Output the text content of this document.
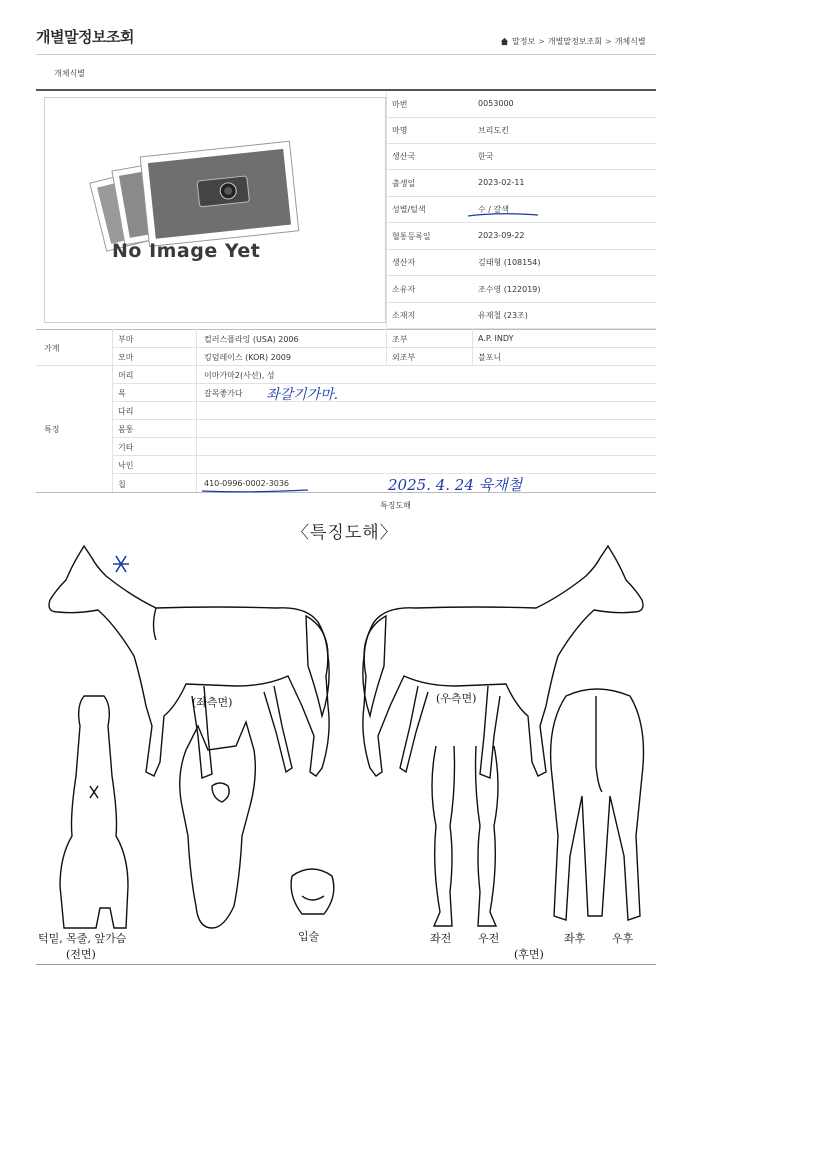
개별말정보조회	말정보 > 개별말정보조회 > 개체식별
개체식별
No Image Yet
마번	0053000
마명	브리도킨
생산국	한국
출생일	2023-02-11
성별/털색	수 / 갈색
혈통등록일	2023-09-22
생산자	김태형 (108154)
소유자	조수영 (122019)
소재지	유재철 (23조)
가계
부마	컬러스플라잉 (USA) 2006	조부	A.P. INDY
모마	킹덤레이스 (KOR) 2009	외조부	블포니
특징
머리	이마가마2(사선), 성
목	갈목좋가다
다리
몸통
기타
낙인
칩	410-0996-0002-3036
좌갈기가마.
2025. 4. 24 육재철
특징도해
〈특징도해〉
(좌측면)	(우측면)
턱밑, 목줄, 앞가슴
(전면)
입술	좌전 우전
(후면)
좌후 우후
